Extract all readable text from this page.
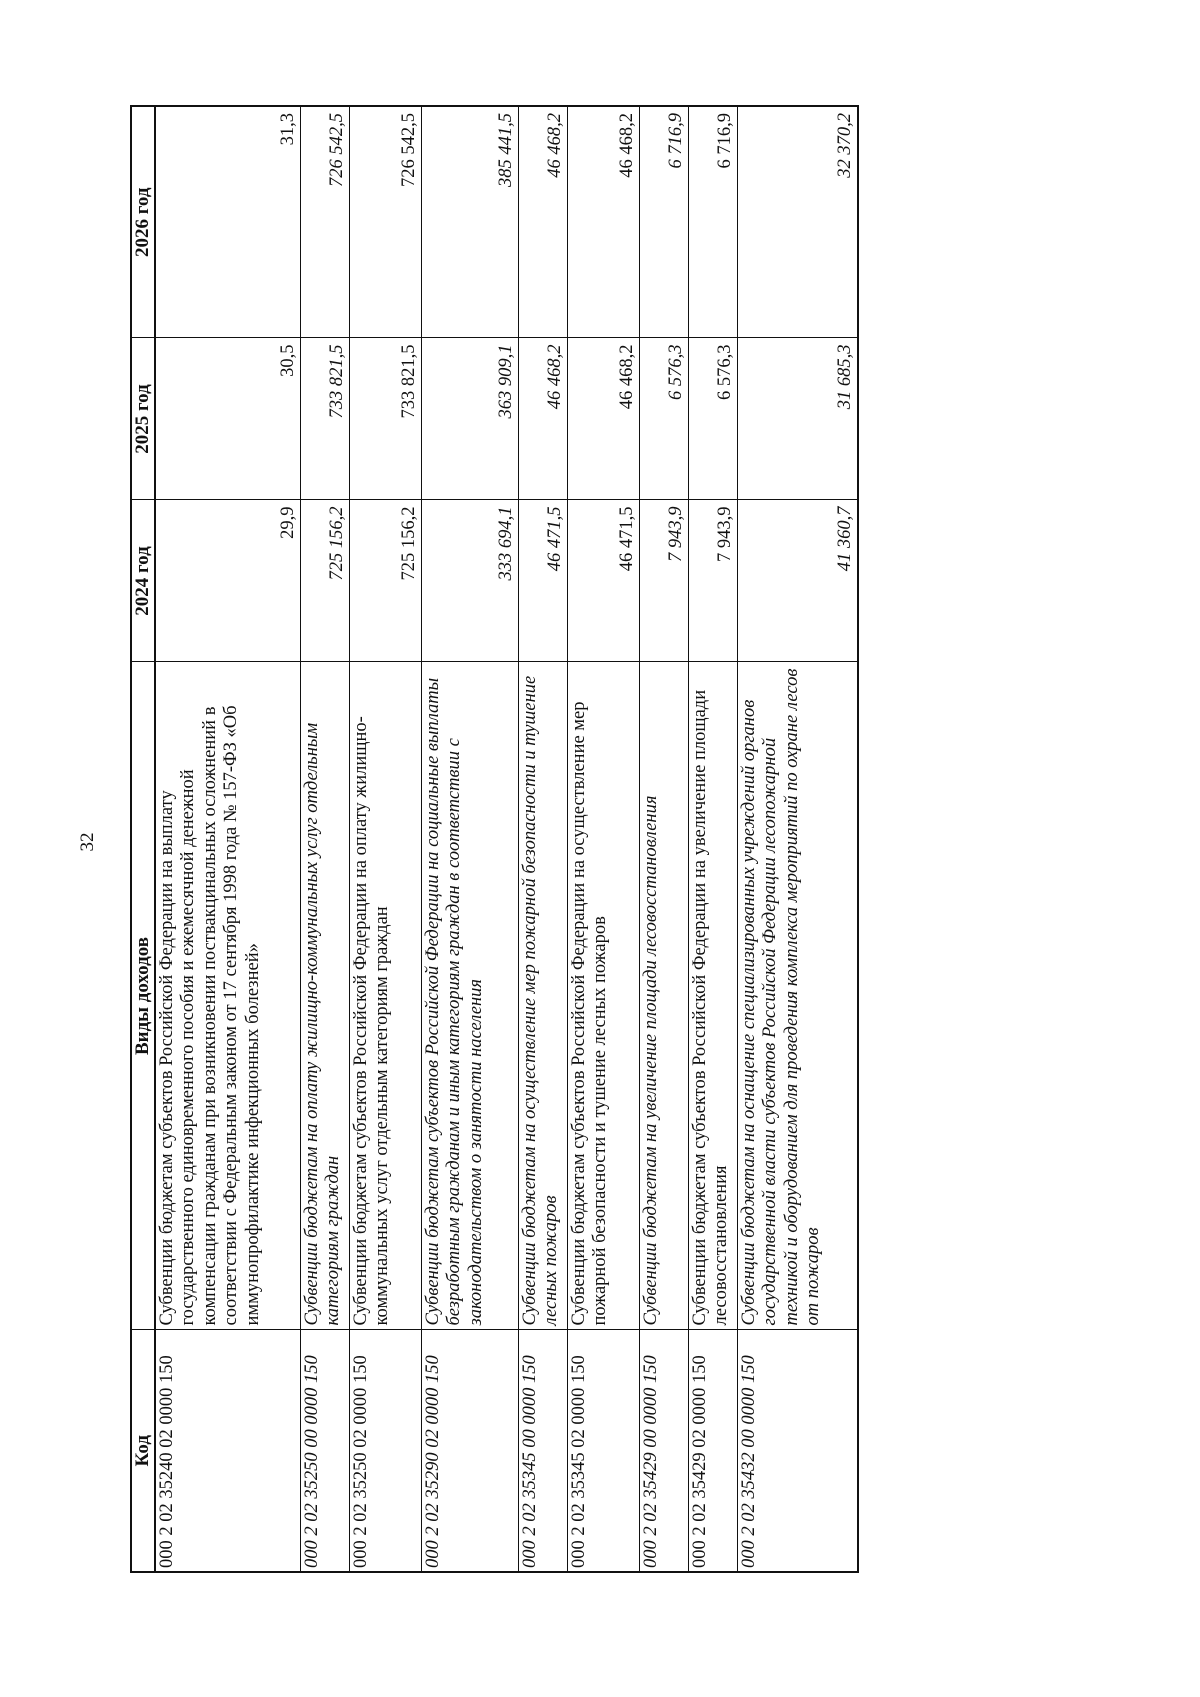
32
Код	Виды доходов	2024 год	2025 год	2026 год
000 2 02 35240 02 0000 150	Субвенции бюджетам субъектов Российской Федерации на выплату государственного единовременного пособия и ежемесячной денежной компенсации гражданам при возникновении поствакцинальных осложнений в соответствии с Федеральным законом от 17 сентября 1998 года № 157-ФЗ «Об иммунопрофилактике инфекционных болезней»	29,9	30,5	31,3
000 2 02 35250 00 0000 150	Субвенции бюджетам на оплату жилищно-коммунальных услуг отдельным категориям граждан	725 156,2	733 821,5	726 542,5
000 2 02 35250 02 0000 150	Субвенции бюджетам субъектов Российской Федерации на оплату жилищно-коммунальных услуг отдельным категориям граждан	725 156,2	733 821,5	726 542,5
000 2 02 35290 02 0000 150	Субвенции бюджетам субъектов Российской Федерации на социальные выплаты безработным гражданам и иным категориям граждан в соответствии с законодательством о занятости населения	333 694,1	363 909,1	385 441,5
000 2 02 35345 00 0000 150	Субвенции бюджетам на осуществление мер пожарной безопасности и тушение лесных пожаров	46 471,5	46 468,2	46 468,2
000 2 02 35345 02 0000 150	Субвенции бюджетам субъектов Российской Федерации на осуществление мер пожарной безопасности и тушение лесных пожаров	46 471,5	46 468,2	46 468,2
000 2 02 35429 00 0000 150	Субвенции бюджетам на увеличение площади лесовосстановления	7 943,9	6 576,3	6 716,9
000 2 02 35429 02 0000 150	Субвенции бюджетам субъектов Российской Федерации на увеличение площади лесовосстановления	7 943,9	6 576,3	6 716,9
000 2 02 35432 00 0000 150	Субвенции бюджетам на оснащение специализированных учреждений органов государственной власти субъектов Российской Федерации лесопожарной техникой и оборудованием для проведения комплекса мероприятий по охране лесов от пожаров	41 360,7	31 685,3	32 370,2
